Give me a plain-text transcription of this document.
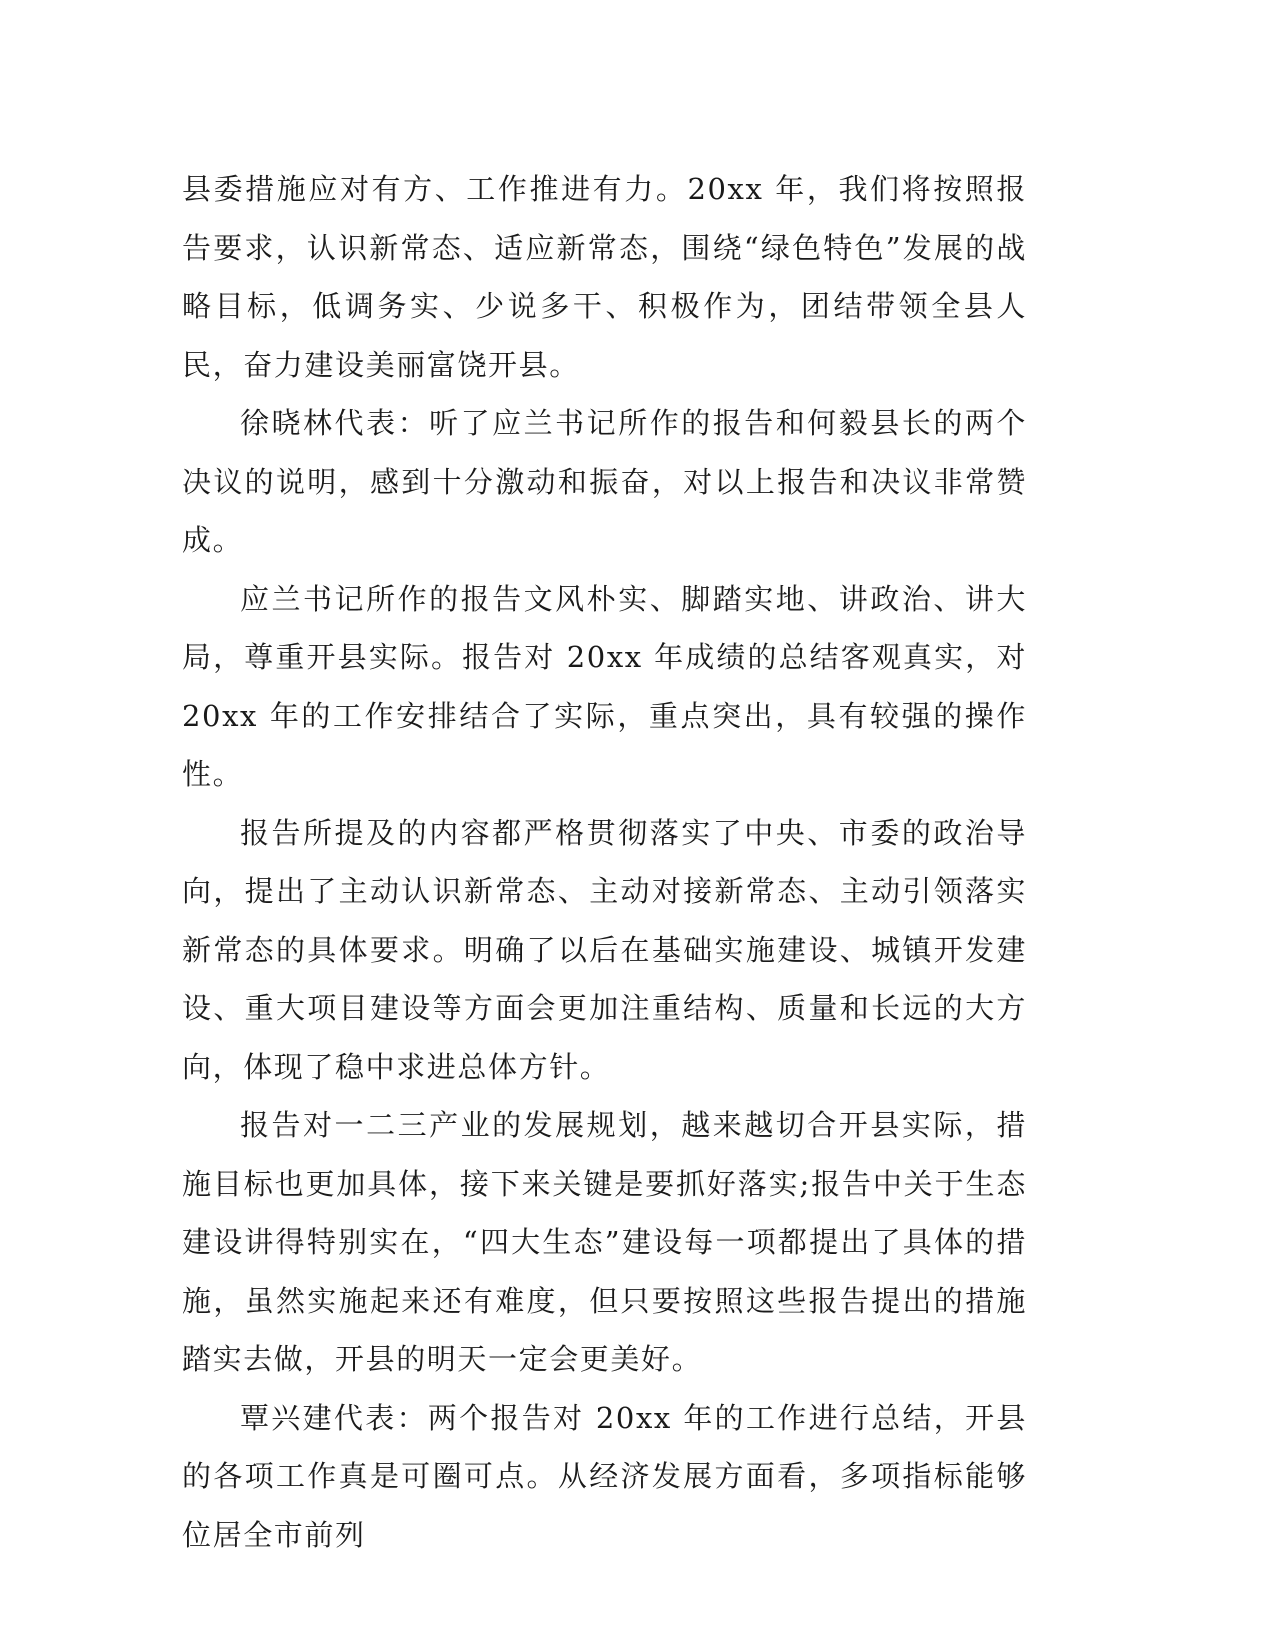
县委措施应对有方、工作推进有力。20xx 年，我们将按照报告要求，认识新常态、适应新常态，围绕“绿色特色”发展的战略目标，低调务实、少说多干、积极作为，团结带领全县人民，奋力建设美丽富饶开县。

徐晓林代表：听了应兰书记所作的报告和何毅县长的两个决议的说明，感到十分激动和振奋，对以上报告和决议非常赞成。

应兰书记所作的报告文风朴实、脚踏实地、讲政治、讲大局，尊重开县实际。报告对 20xx 年成绩的总结客观真实，对 20xx 年的工作安排结合了实际，重点突出，具有较强的操作性。

报告所提及的内容都严格贯彻落实了中央、市委的政治导向，提出了主动认识新常态、主动对接新常态、主动引领落实新常态的具体要求。明确了以后在基础实施建设、城镇开发建设、重大项目建设等方面会更加注重结构、质量和长远的大方向，体现了稳中求进总体方针。

报告对一二三产业的发展规划，越来越切合开县实际，措施目标也更加具体，接下来关键是要抓好落实;报告中关于生态建设讲得特别实在，“四大生态”建设每一项都提出了具体的措施，虽然实施起来还有难度，但只要按照这些报告提出的措施踏实去做，开县的明天一定会更美好。

覃兴建代表：两个报告对 20xx 年的工作进行总结，开县的各项工作真是可圈可点。从经济发展方面看，多项指标能够位居全市前列
